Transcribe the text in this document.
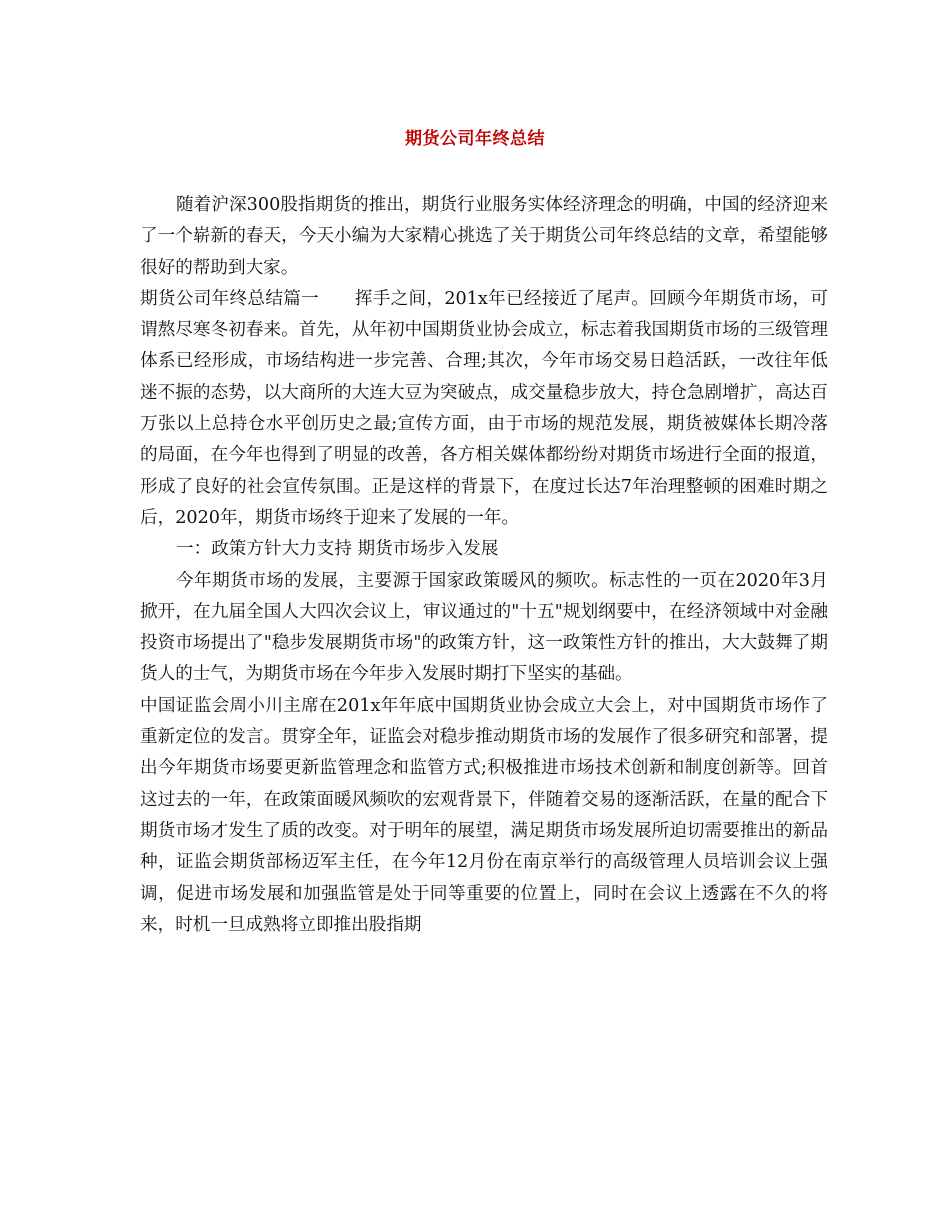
期货公司年终总结

随着沪深300股指期货的推出，期货行业服务实体经济理念的明确，中国的经济迎来了一个崭新的春天，今天小编为大家精心挑选了关于期货公司年终总结的文章，希望能够很好的帮助到大家。

期货公司年终总结篇一　　挥手之间，201x年已经接近了尾声。回顾今年期货市场，可谓熬尽寒冬初春来。首先，从年初中国期货业协会成立，标志着我国期货市场的三级管理体系已经形成，市场结构进一步完善、合理;其次，今年市场交易日趋活跃，一改往年低迷不振的态势，以大商所的大连大豆为突破点，成交量稳步放大，持仓急剧增扩，高达百万张以上总持仓水平创历史之最;宣传方面，由于市场的规范发展，期货被媒体长期冷落的局面，在今年也得到了明显的改善，各方相关媒体都纷纷对期货市场进行全面的报道，形成了良好的社会宣传氛围。正是这样的背景下，在度过长达7年治理整顿的困难时期之后，2020年，期货市场终于迎来了发展的一年。

一：政策方针大力支持 期货市场步入发展

今年期货市场的发展，主要源于国家政策暖风的频吹。标志性的一页在2020年3月掀开，在九届全国人大四次会议上，审议通过的"十五"规划纲要中，在经济领域中对金融投资市场提出了"稳步发展期货市场"的政策方针，这一政策性方针的推出，大大鼓舞了期货人的士气，为期货市场在今年步入发展时期打下坚实的基础。

中国证监会周小川主席在201x年年底中国期货业协会成立大会上，对中国期货市场作了重新定位的发言。贯穿全年，证监会对稳步推动期货市场的发展作了很多研究和部署，提出今年期货市场要更新监管理念和监管方式;积极推进市场技术创新和制度创新等。回首这过去的一年，在政策面暖风频吹的宏观背景下，伴随着交易的逐渐活跃，在量的配合下期货市场才发生了质的改变。对于明年的展望，满足期货市场发展所迫切需要推出的新品种，证监会期货部杨迈军主任，在今年12月份在南京举行的高级管理人员培训会议上强调，促进市场发展和加强监管是处于同等重要的位置上，同时在会议上透露在不久的将来，时机一旦成熟将立即推出股指期
